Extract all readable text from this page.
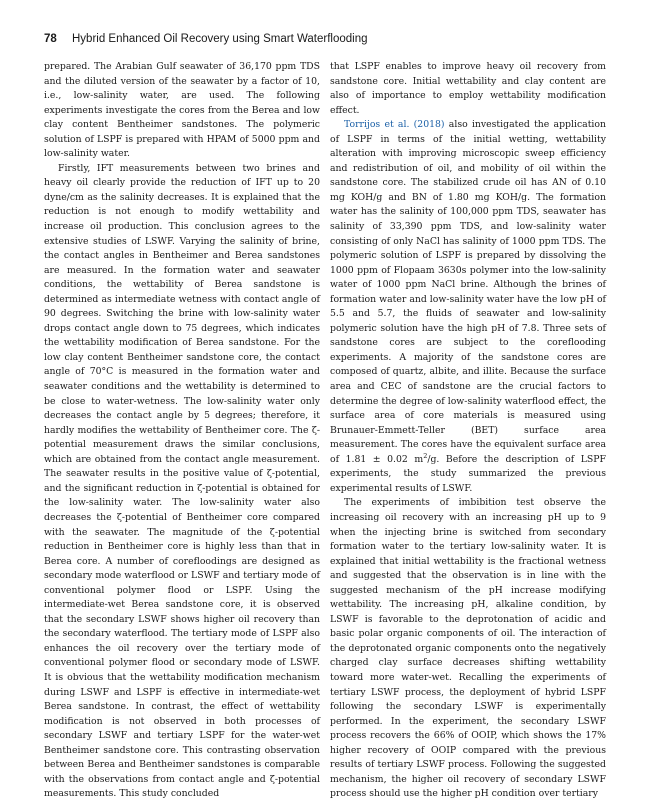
78 Hybrid Enhanced Oil Recovery using Smart Waterflooding

prepared. The Arabian Gulf seawater of 36,170 ppm TDS and the diluted version of the seawater by a factor of 10, i.e., low-salinity water, are used. The following experiments investigate the cores from the Berea and low clay content Bentheimer sandstones. The polymeric solution of LSPF is prepared with HPAM of 5000 ppm and low-salinity water.

Firstly, IFT measurements between two brines and heavy oil clearly provide the reduction of IFT up to 20 dyne/cm as the salinity decreases. It is explained that the reduction is not enough to modify wettability and increase oil production. This conclusion agrees to the extensive studies of LSWF. Varying the salinity of brine, the contact angles in Bentheimer and Berea sandstones are measured. In the formation water and seawater conditions, the wettability of Berea sandstone is determined as intermediate wetness with contact angle of 90 degrees. Switching the brine with low-salinity water drops contact angle down to 75 degrees, which indicates the wettability modification of Berea sandstone. For the low clay content Bentheimer sandstone core, the contact angle of 70°C is measured in the formation water and seawater conditions and the wettability is determined to be close to water-wetness. The low-salinity water only decreases the contact angle by 5 degrees; therefore, it hardly modifies the wettability of Bentheimer core. The ζ-potential measurement draws the similar conclusions, which are obtained from the contact angle measurement. The seawater results in the positive value of ζ-potential, and the significant reduction in ζ-potential is obtained for the low-salinity water. The low-salinity water also decreases the ζ-potential of Bentheimer core compared with the seawater. The magnitude of the ζ-potential reduction in Bentheimer core is highly less than that in Berea core. A number of corefloodings are designed as secondary mode waterflood or LSWF and tertiary mode of conventional polymer flood or LSPF. Using the intermediate-wet Berea sandstone core, it is observed that the secondary LSWF shows higher oil recovery than the secondary waterflood. The tertiary mode of LSPF also enhances the oil recovery over the tertiary mode of conventional polymer flood or secondary mode of LSWF. It is obvious that the wettability modification mechanism during LSWF and LSPF is effective in intermediate-wet Berea sandstone. In contrast, the effect of wettability modification is not observed in both processes of secondary LSWF and tertiary LSPF for the water-wet Bentheimer sandstone core. This contrasting observation between Berea and Bentheimer sandstones is comparable with the observations from contact angle and ζ-potential measurements. This study concluded

that LSPF enables to improve heavy oil recovery from sandstone core. Initial wettability and clay content are also of importance to employ wettability modification effect.

Torrijos et al. (2018) also investigated the application of LSPF in terms of the initial wetting, wettability alteration with improving microscopic sweep efficiency and redistribution of oil, and mobility of oil within the sandstone core. The stabilized crude oil has AN of 0.10 mg KOH/g and BN of 1.80 mg KOH/g. The formation water has the salinity of 100,000 ppm TDS, seawater has salinity of 33,390 ppm TDS, and low-salinity water consisting of only NaCl has salinity of 1000 ppm TDS. The polymeric solution of LSPF is prepared by dissolving the 1000 ppm of Flopaam 3630s polymer into the low-salinity water of 1000 ppm NaCl brine. Although the brines of formation water and low-salinity water have the low pH of 5.5 and 5.7, the fluids of seawater and low-salinity polymeric solution have the high pH of 7.8. Three sets of sandstone cores are subject to the coreflooding experiments. A majority of the sandstone cores are composed of quartz, albite, and illite. Because the surface area and CEC of sandstone are the crucial factors to determine the degree of low-salinity waterflood effect, the surface area of core materials is measured using Brunauer-Emmett-Teller (BET) surface area measurement. The cores have the equivalent surface area of 1.81 ± 0.02 $m^2/g$. Before the description of LSPF experiments, the study summarized the previous experimental results of LSWF.

The experiments of imbibition test observe the increasing oil recovery with an increasing pH up to 9 when the injecting brine is switched from secondary formation water to the tertiary low-salinity water. It is explained that initial wettability is the fractional wetness and suggested that the observation is in line with the suggested mechanism of the pH increase modifying wettability. The increasing pH, alkaline condition, by LSWF is favorable to the deprotonation of acidic and basic polar organic components of oil. The interaction of the deprotonated organic components onto the negatively charged clay surface decreases shifting wettability toward more water-wet. Recalling the experiments of tertiary LSWF process, the deployment of hybrid LSPF following the secondary LSWF is experimentally performed. In the experiment, the secondary LSWF process recovers the 66% of OOIP, which shows the 17% higher recovery of OOIP compared with the previous results of tertiary LSWF process. Following the suggested mechanism, the higher oil recovery of secondary LSWF process should use the higher pH condition over tertiary
